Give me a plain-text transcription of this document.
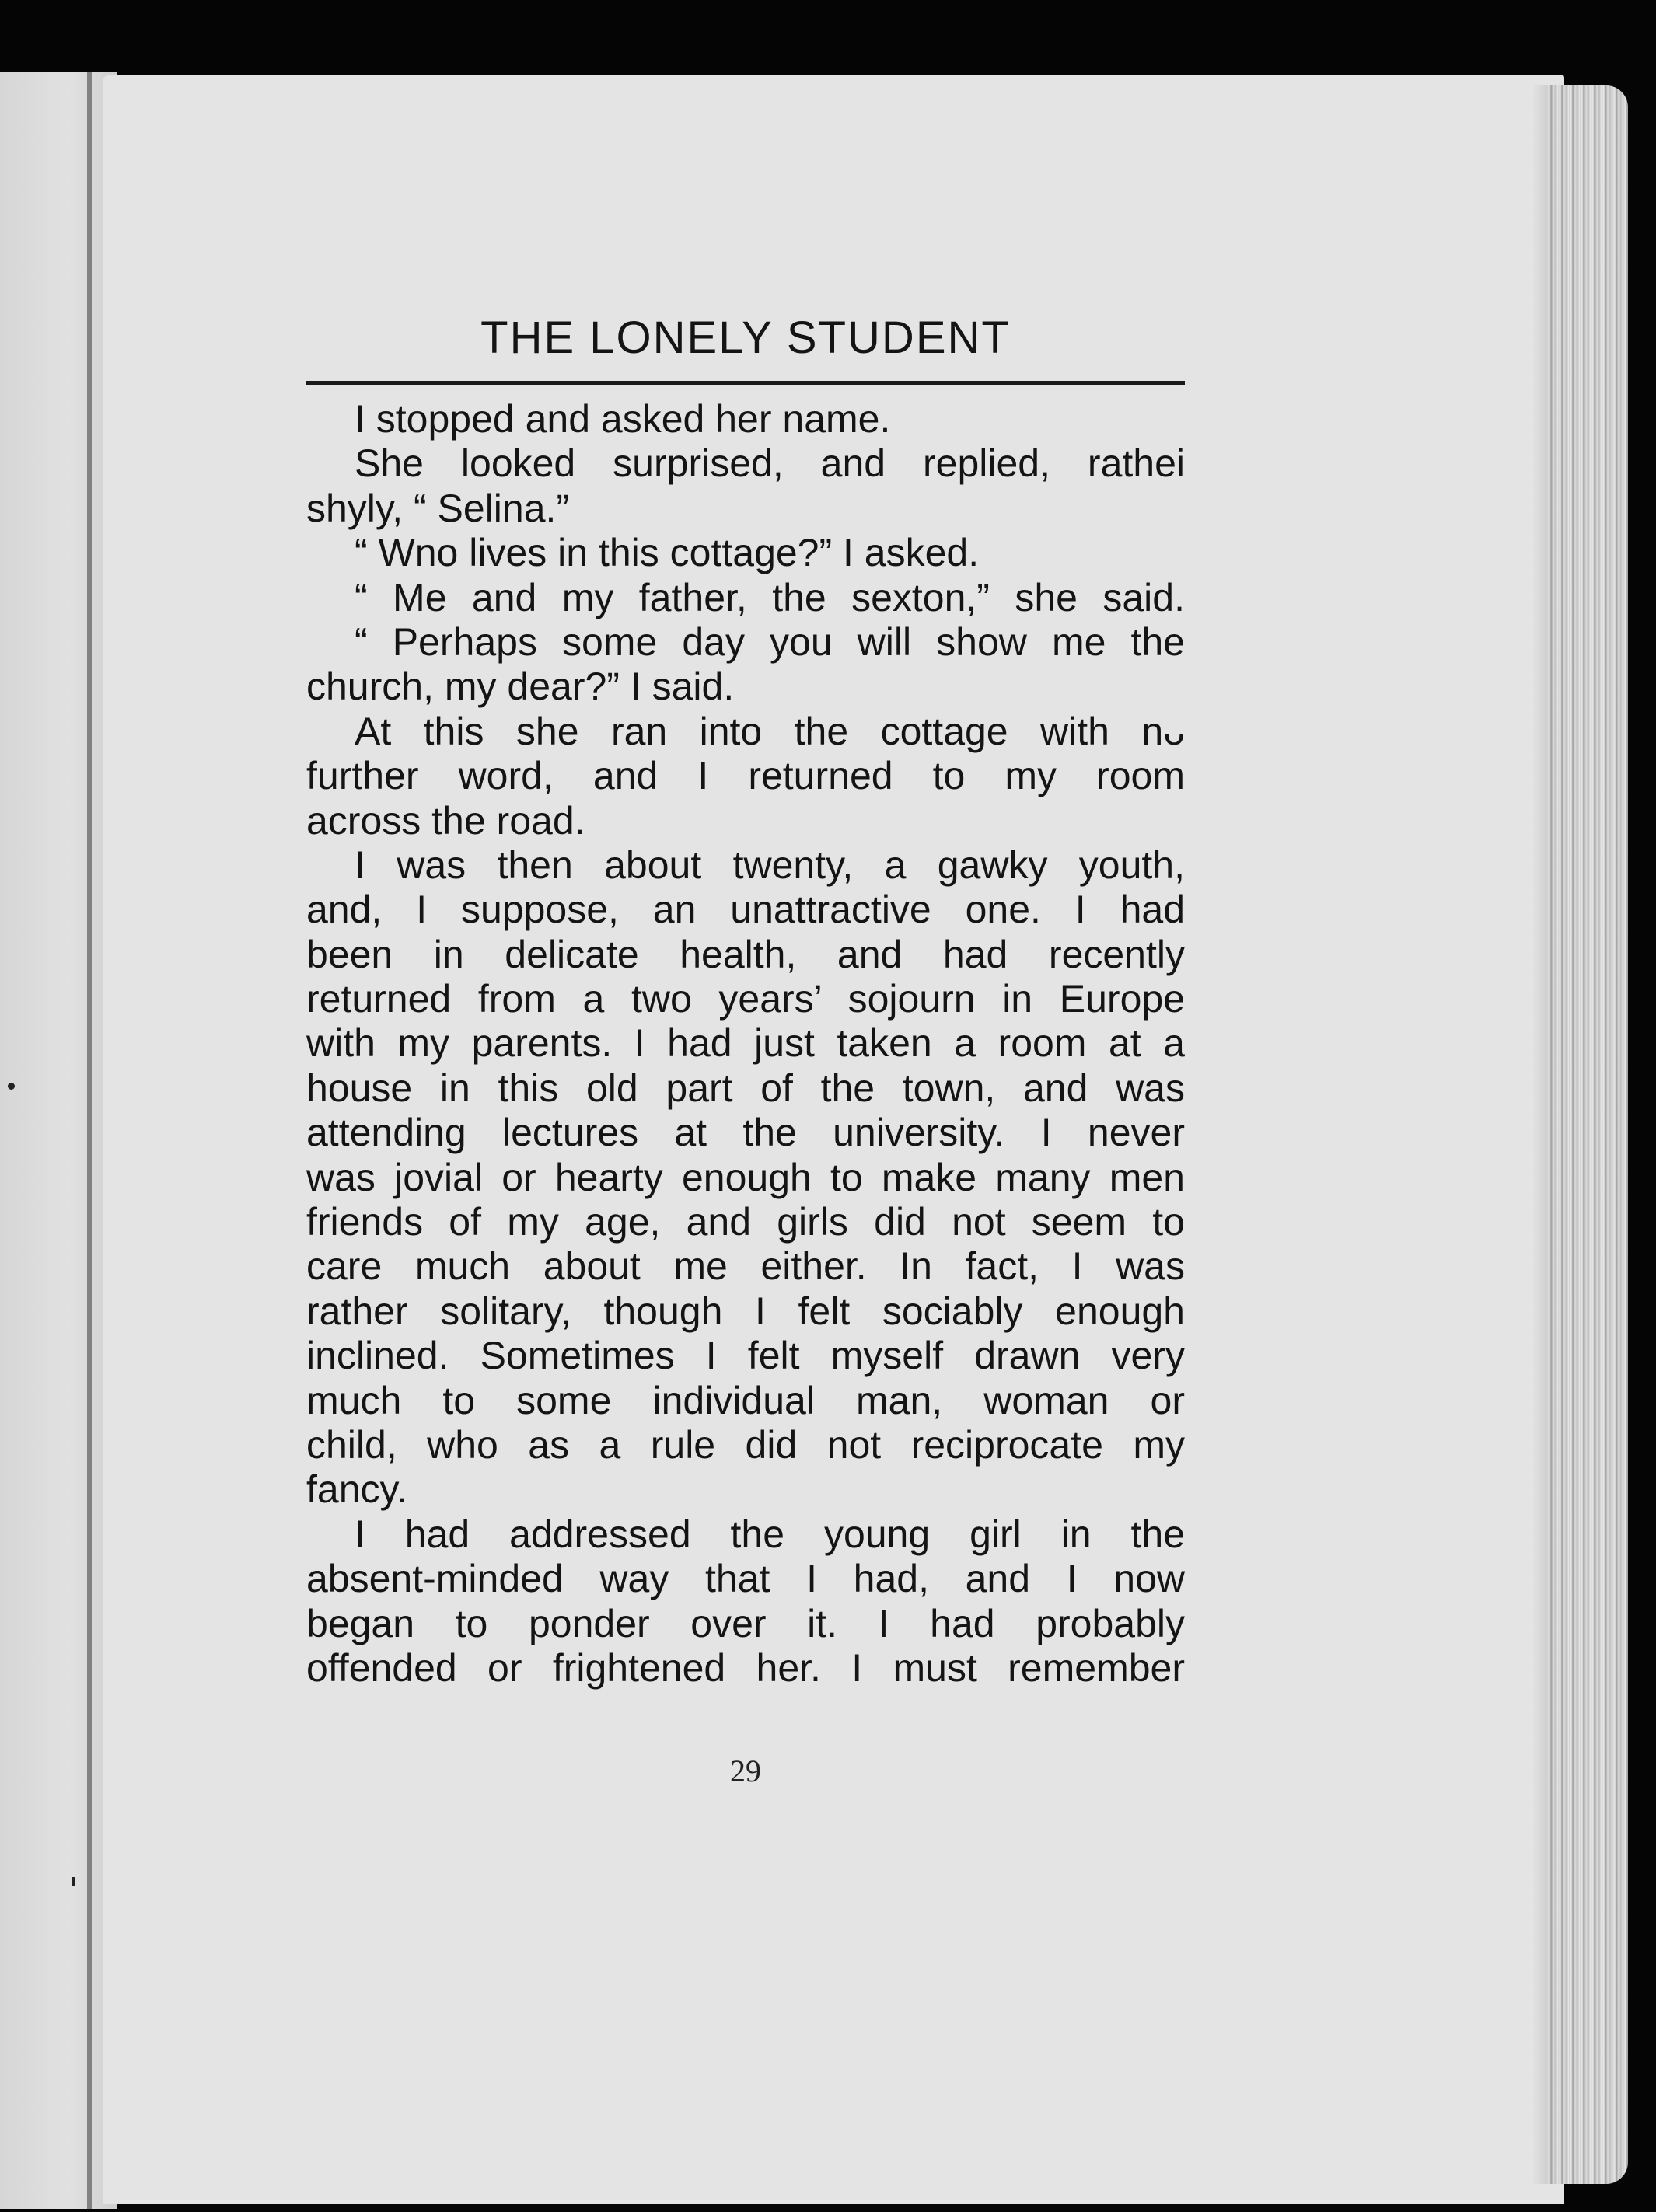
THE LONELY STUDENT
I stopped and asked her name.
She looked surprised, and replied, rathei
shyly, “ Selina.”
“ Wno lives in this cottage?” I asked.
“ Me and my father, the sexton,” she said.
“ Perhaps some day you will show me the
church, my dear?” I said.
At this she ran into the cottage with nᴗ
further word, and I returned to my room
across the road.
I was then about twenty, a gawky youth,
and, I suppose, an unattractive one. I had
been in delicate health, and had recently
returned from a two years’ sojourn in Europe
with my parents. I had just taken a room at a
house in this old part of the town, and was
attending lectures at the university. I never
was jovial or hearty enough to make many men
friends of my age, and girls did not seem to
care much about me either. In fact, I was
rather solitary, though I felt sociably enough
inclined. Sometimes I felt myself drawn very
much to some individual man, woman or
child, who as a rule did not reciprocate my
fancy.
I had addressed the young girl in the
absent-minded way that I had, and I now
began to ponder over it. I had probably
offended or frightened her. I must remember
29
